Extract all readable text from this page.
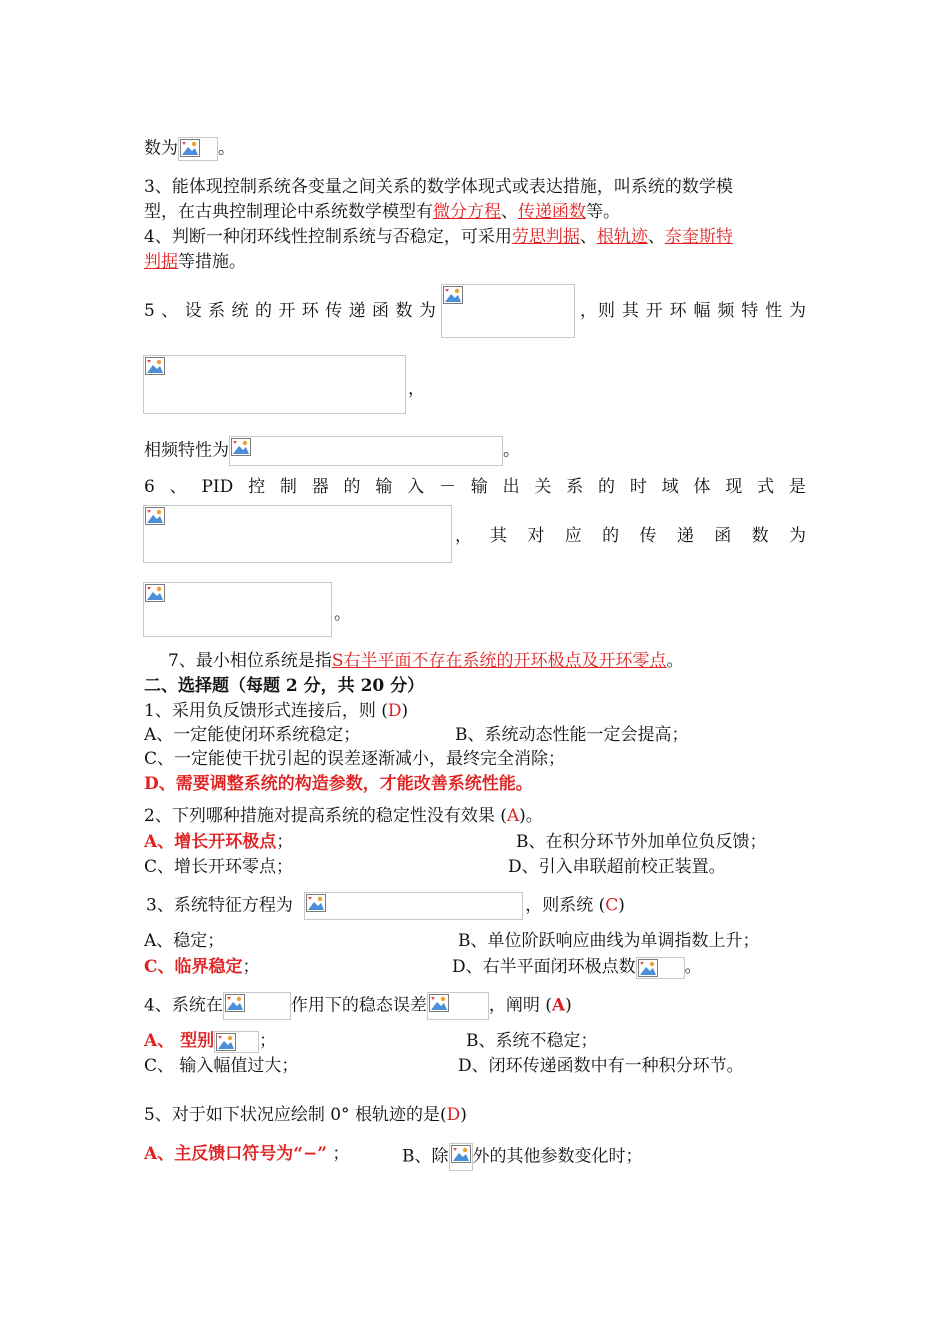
数为 。
3、能体现控制系统各变量之间关系的数学体现式或表达措施，叫系统的数学模
型，在古典控制理论中系统数学模型有微分方程、传递函数等。
4、判断一种闭环线性控制系统与否稳定，可采用劳思判据、根轨迹、奈奎斯特
判据等措施。
5 、 设 系 统 的 开 环 传 递 函 数 为	， 则 其 开 环 幅 频 特 性 为
，
相频特性为	。
6 、 PID 控 制 器 的 输 入 － 输 出 关 系 的 时 域 体 现 式 是
， 其 对 应 的 传 递 函 数 为
。
7、最小相位系统是指S右半平面不存在系统的开环极点及开环零点。
二、选择题（每题 2 分，共 20 分）
1、采用负反馈形式连接后，则 (D)
A、一定能使闭环系统稳定；	B、系统动态性能一定会提高；
C、一定能使干扰引起的误差逐渐减小，最终完全消除；
D、需要调整系统的构造参数，才能改善系统性能。
2、下列哪种措施对提高系统的稳定性没有效果 (A)。
A、增长开环极点；	B、在积分环节外加单位负反馈；
C、增长开环零点；	D、引入串联超前校正装置。
3、系统特征方程为	，则系统 (C)
A、稳定；	B、单位阶跃响应曲线为单调指数上升；
C、临界稳定；	D、右半平面闭环极点数	。
4、系统在	作用下的稳态误差	，阐明 (A)
A、 型别	；	B、系统不稳定；
C、 输入幅值过大；	D、闭环传递函数中有一种积分环节。
5、对于如下状况应绘制 0° 根轨迹的是(D)
A、主反馈口符号为“−” ；	B、除 外的其他参数变化时；
